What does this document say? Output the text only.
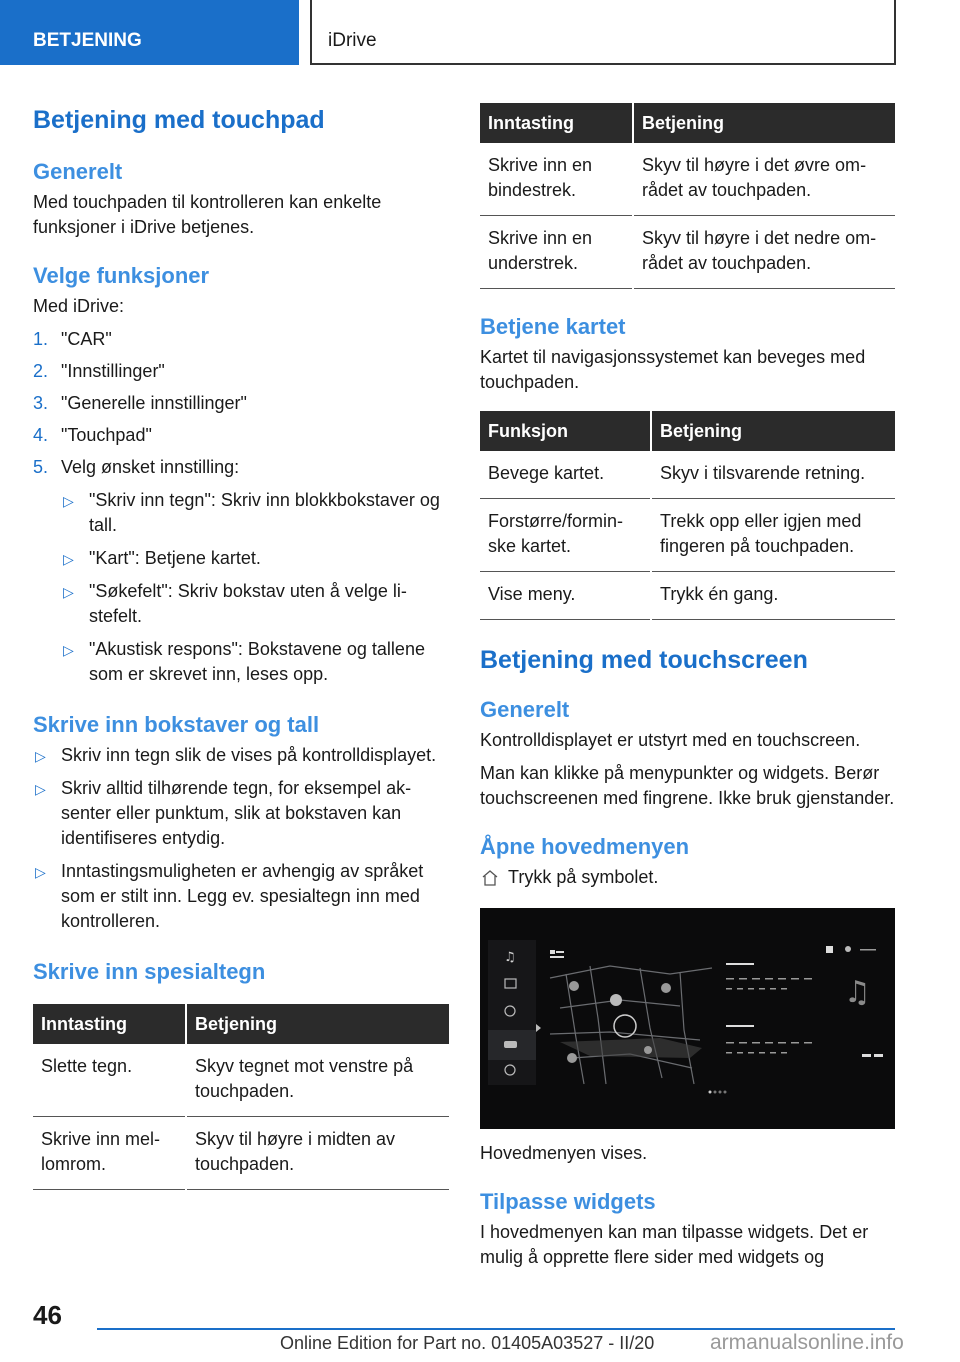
BETJENING	iDrive
Betjening med touchpad
Generelt

Med touchpaden til kontrolleren kan enkelte funksjoner i iDrive betjenes.

Velge funksjoner

Med iDrive:

1. "CAR"
2. "Innstillinger"
3. "Generelle innstillinger"
4. "Touchpad"
5. Velg ønsket innstilling:
▷ "Skriv inn tegn": Skriv inn blokkbokstaver og tall.
▷ "Kart": Betjene kartet.
▷ "Søkefelt": Skriv bokstav uten å velge listefelt.
▷ "Akustisk respons": Bokstavene og tallene som er skrevet inn, leses opp.
Skrive inn bokstaver og tall
▷ Skriv inn tegn slik de vises på kontrolldisplayet.
▷ Skriv alltid tilhørende tegn, for eksempel aksenter eller punktum, slik at bokstaven kan identifiseres entydig.
▷ Inntastingsmuligheten er avhengig av språket som er stilt inn. Legg ev. spesialtegn inn med kontrolleren.
Skrive inn spesialtegn
Inntasting	Betjening
Slette tegn.	Skyv tegnet mot venstre på touchpaden.
Skrive inn mellomrom.	Skyv til høyre i midten av touchpaden.
Inntasting	Betjening
Skrive inn en bindestrek.	Skyv til høyre i det øvre området av touchpaden.
Skrive inn en understrek.	Skyv til høyre i det nedre området av touchpaden.
Betjene kartet

Kartet til navigasjonssystemet kan beveges med touchpaden.

Funksjon	Betjening
Bevege kartet.	Skyv i tilsvarende retning.
Forstørre/forminske kartet.	Trekk opp eller igjen med fingeren på touchpaden.
Vise meny.	Trykk én gang.
Betjening med touchscreen
Generelt

Kontrolldisplayet er utstyrt med en touchscreen.

Man kan klikke på menypunkter og widgets. Berør touchscreenen med fingrene. Ikke bruk gjenstander.

Åpne hovedmenyen

Trykk på symbolet.

♫
♫

Hovedmenyen vises.

Tilpasse widgets

I hovedmenyen kan man tilpasse widgets. Det er mulig å opprette flere sider med widgets og

46
Online Edition for Part no. 01405A03527 - II/20	armanualsonline.info
